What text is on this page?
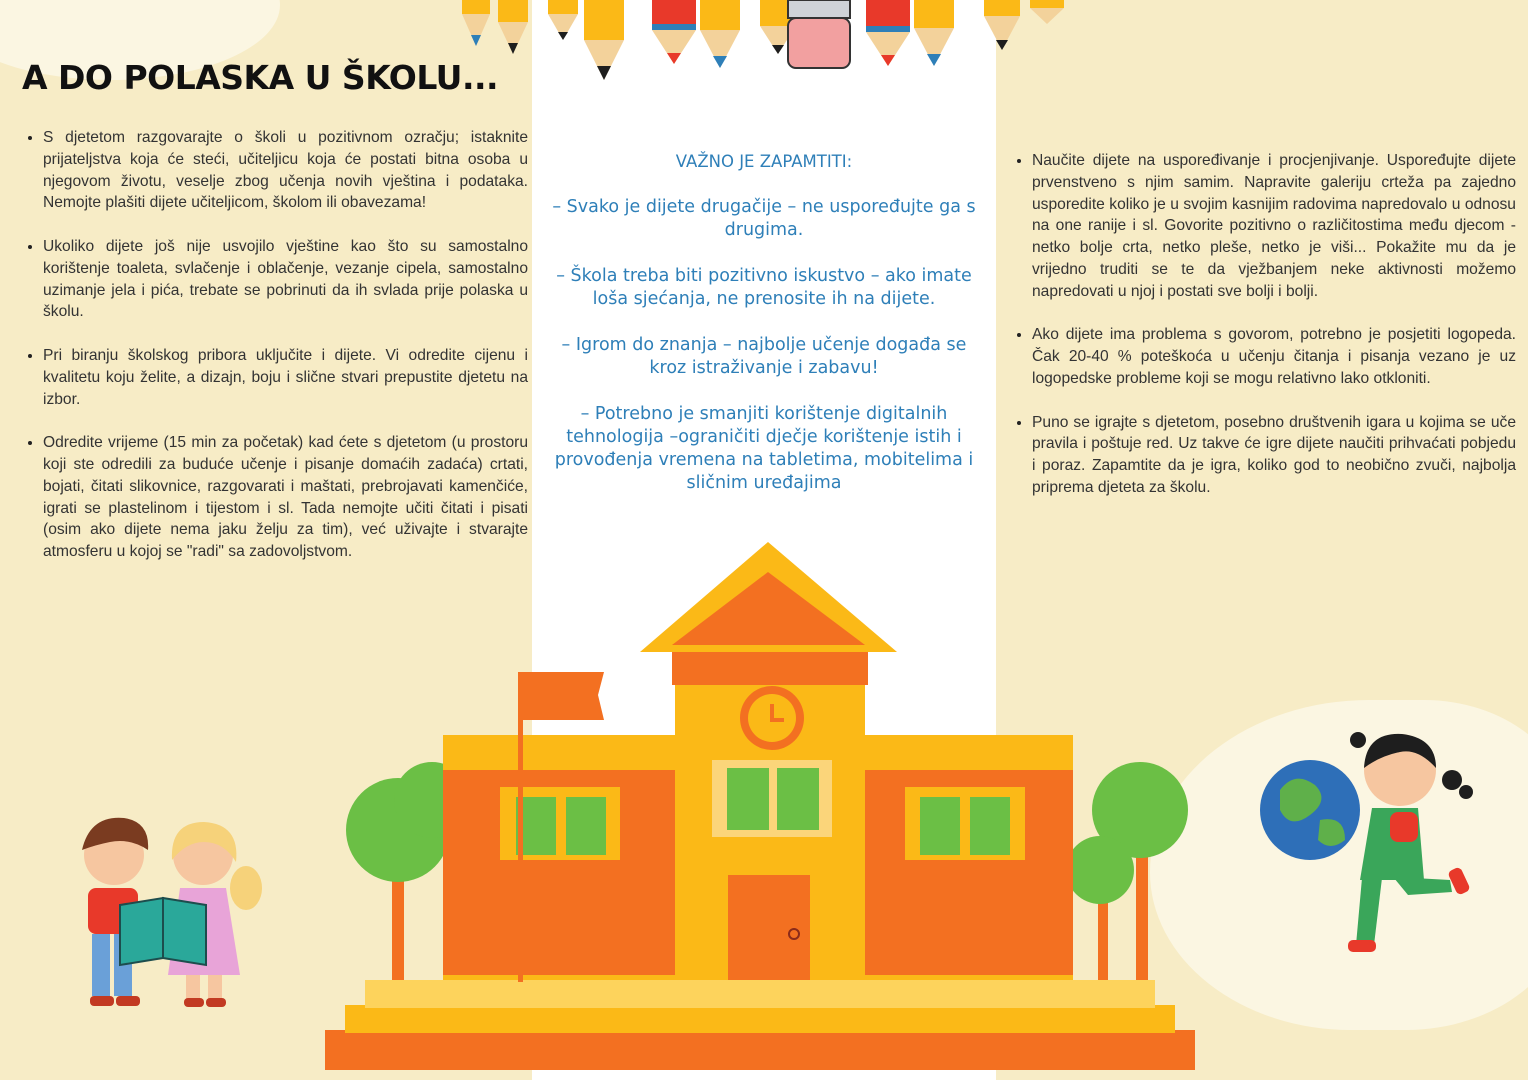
A DO POLASKA U ŠKOLU...
• S djetetom razgovarajte o školi u pozitivnom ozračju; istaknite prijateljstva koja će steći, učiteljicu koja će postati bitna osoba u njegovom životu, veselje zbog učenja novih vještina i podataka. Nemojte plašiti dijete učiteljicom, školom ili obavezama!
• Ukoliko dijete još nije usvojilo vještine kao što su samostalno korištenje toaleta, svlačenje i oblačenje, vezanje cipela, samostalno uzimanje jela i pića, trebate se pobrinuti da ih svlada prije polaska u školu.
• Pri biranju školskog pribora uključite i dijete. Vi odredite cijenu i kvalitetu koju želite, a dizajn, boju i slične stvari prepustite djetetu na izbor.
• Odredite vrijeme (15 min za početak) kad ćete s djetetom (u prostoru koji ste odredili za buduće učenje i pisanje domaćih zadaća) crtati, bojati, čitati slikovnice, razgovarati i maštati, prebrojavati kamenčiće, igrati se plastelinom i tijestom i sl. Tada nemojte učiti čitati i pisati (osim ako dijete nema jaku želju za tim), već uživajte i stvarajte atmosferu u kojoj se "radi" sa zadovoljstvom.

VAŽNO JE ZAPAMTITI:

– Svako je dijete drugačije – ne uspoređujte ga s drugima.

– Škola treba biti pozitivno iskustvo – ako imate loša sjećanja, ne prenosite ih na dijete.

– Igrom do znanja – najbolje učenje događa se kroz istraživanje i zabavu!

– Potrebno je smanjiti korištenje digitalnih tehnologija –ograničiti dječje korištenje istih i provođenja vremena na tabletima, mobitelima i sličnim uređajima

• Naučite dijete na uspoređivanje i procjenjivanje. Uspoređujte dijete prvenstveno s njim samim. Napravite galeriju crteža pa zajedno usporedite koliko je u svojim kasnijim radovima napredovalo u odnosu na one ranije i sl. Govorite pozitivno o različitostima među djecom - netko bolje crta, netko pleše, netko je viši... Pokažite mu da je vrijedno truditi se te da vježbanjem neke aktivnosti možemo napredovati u njoj i postati sve bolji i bolji.
• Ako dijete ima problema s govorom, potrebno je posjetiti logopeda. Čak 20-40 % poteškoća u učenju čitanja i pisanja vezano je uz logopedske probleme koji se mogu relativno lako otkloniti.
• Puno se igrajte s djetetom, posebno društvenih igara u kojima se uče pravila i poštuje red. Uz takve će igre dijete naučiti prihvaćati pobjedu i poraz. Zapamtite da je igra, koliko god to neobično zvuči, najbolja priprema djeteta za školu.
